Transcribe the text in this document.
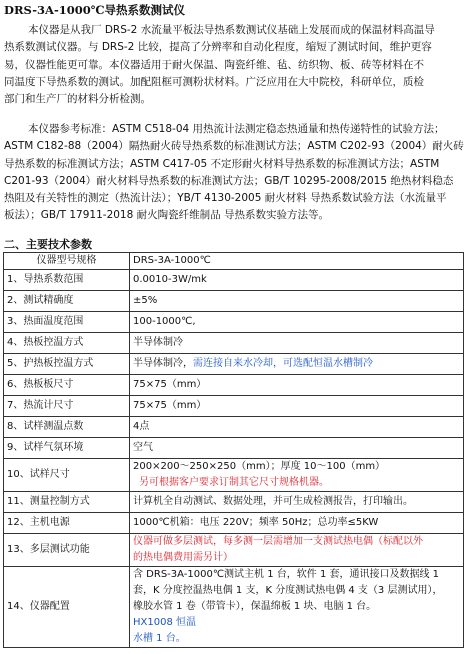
DRS-3A-1000℃导热系数测试仪
本仪器是从我厂 DRS-2 水流量平板法导热系数测试仪基础上发展而成的保温材料高温导
热系数测试仪器。与 DRS-2 比较，提高了分辨率和自动化程度，缩短了测试时间，维护更容
易，仪器性能更可靠。本仪器适用于耐火保温、陶瓷纤维、毡、纺织物、板、砖等材料在不
同温度下导热系数的测试。加配阻框可测粉状材料。广泛应用在大中院校，科研单位，质检
部门和生产厂的材料分析检测。
本仪器参考标准：ASTM C518-04 用热流计法测定稳态热通量和热传递特性的试验方法；
ASTM C182-88（2004）隔热耐火砖导热系数的标准测试方法；ASTM C202-93（2004）耐火砖
导热系数的标准测试方法；ASTM C417-05 不定形耐火材料导热系数的标准测试方法；ASTM
C201-93（2004）耐火材料导热系数的标准测试方法；GB/T 10295-2008/2015 绝热材料稳态
热阻及有关特性的测定（热流计法）；YB/T 4130-2005 耐火材料 导热系数试验方法（水流量平
板法）；GB/T 17911-2018 耐火陶瓷纤维制品 导热系数实验方法等。
二、主要技术参数
仪器型号规格	DRS-3A-1000℃
1、导热系数范围	0.0010-3W/mk
2、测试精确度	±5%
3、热面温度范围	100-1000℃,
4、热板控温方式	半导体制冷
5、护热板控温方式	半导体制冷，需连接自来水冷却，可选配恒温水槽制冷
6、热板板尺寸	75×75（mm）
7、热流计尺寸	75×75（mm）
8、试样测温点数	4点
9、试样气氛环境	空气
10、试样尺寸	200×200～250×250（mm）；厚度 10～100（mm）
另可根据客户要求订制其它尺寸规格机器。

11、测量控制方式	计算机全自动测试、数据处理，并可生成检测报告，打印输出。
12、主机电源	1000℃机箱：电压 220V；频率 50Hz；总功率≤5KW
13、多层测试功能	仪器可做多层测试，每多测一层需增加一支测试热电偶（标配以外
的热电偶费用需另计）

14、仪器配置	含 DRS-3A-1000℃测试主机 1 台，软件 1 套，通讯接口及数据线 1
套，K 分度控温热电偶 1 支，K 分度测试热电偶 4 支（3 层测试用），
橡胶水管 1 卷（带管卡），保温绵板 1 块、电脑 1 台。
HX1008 恒温
水槽 1 台。
